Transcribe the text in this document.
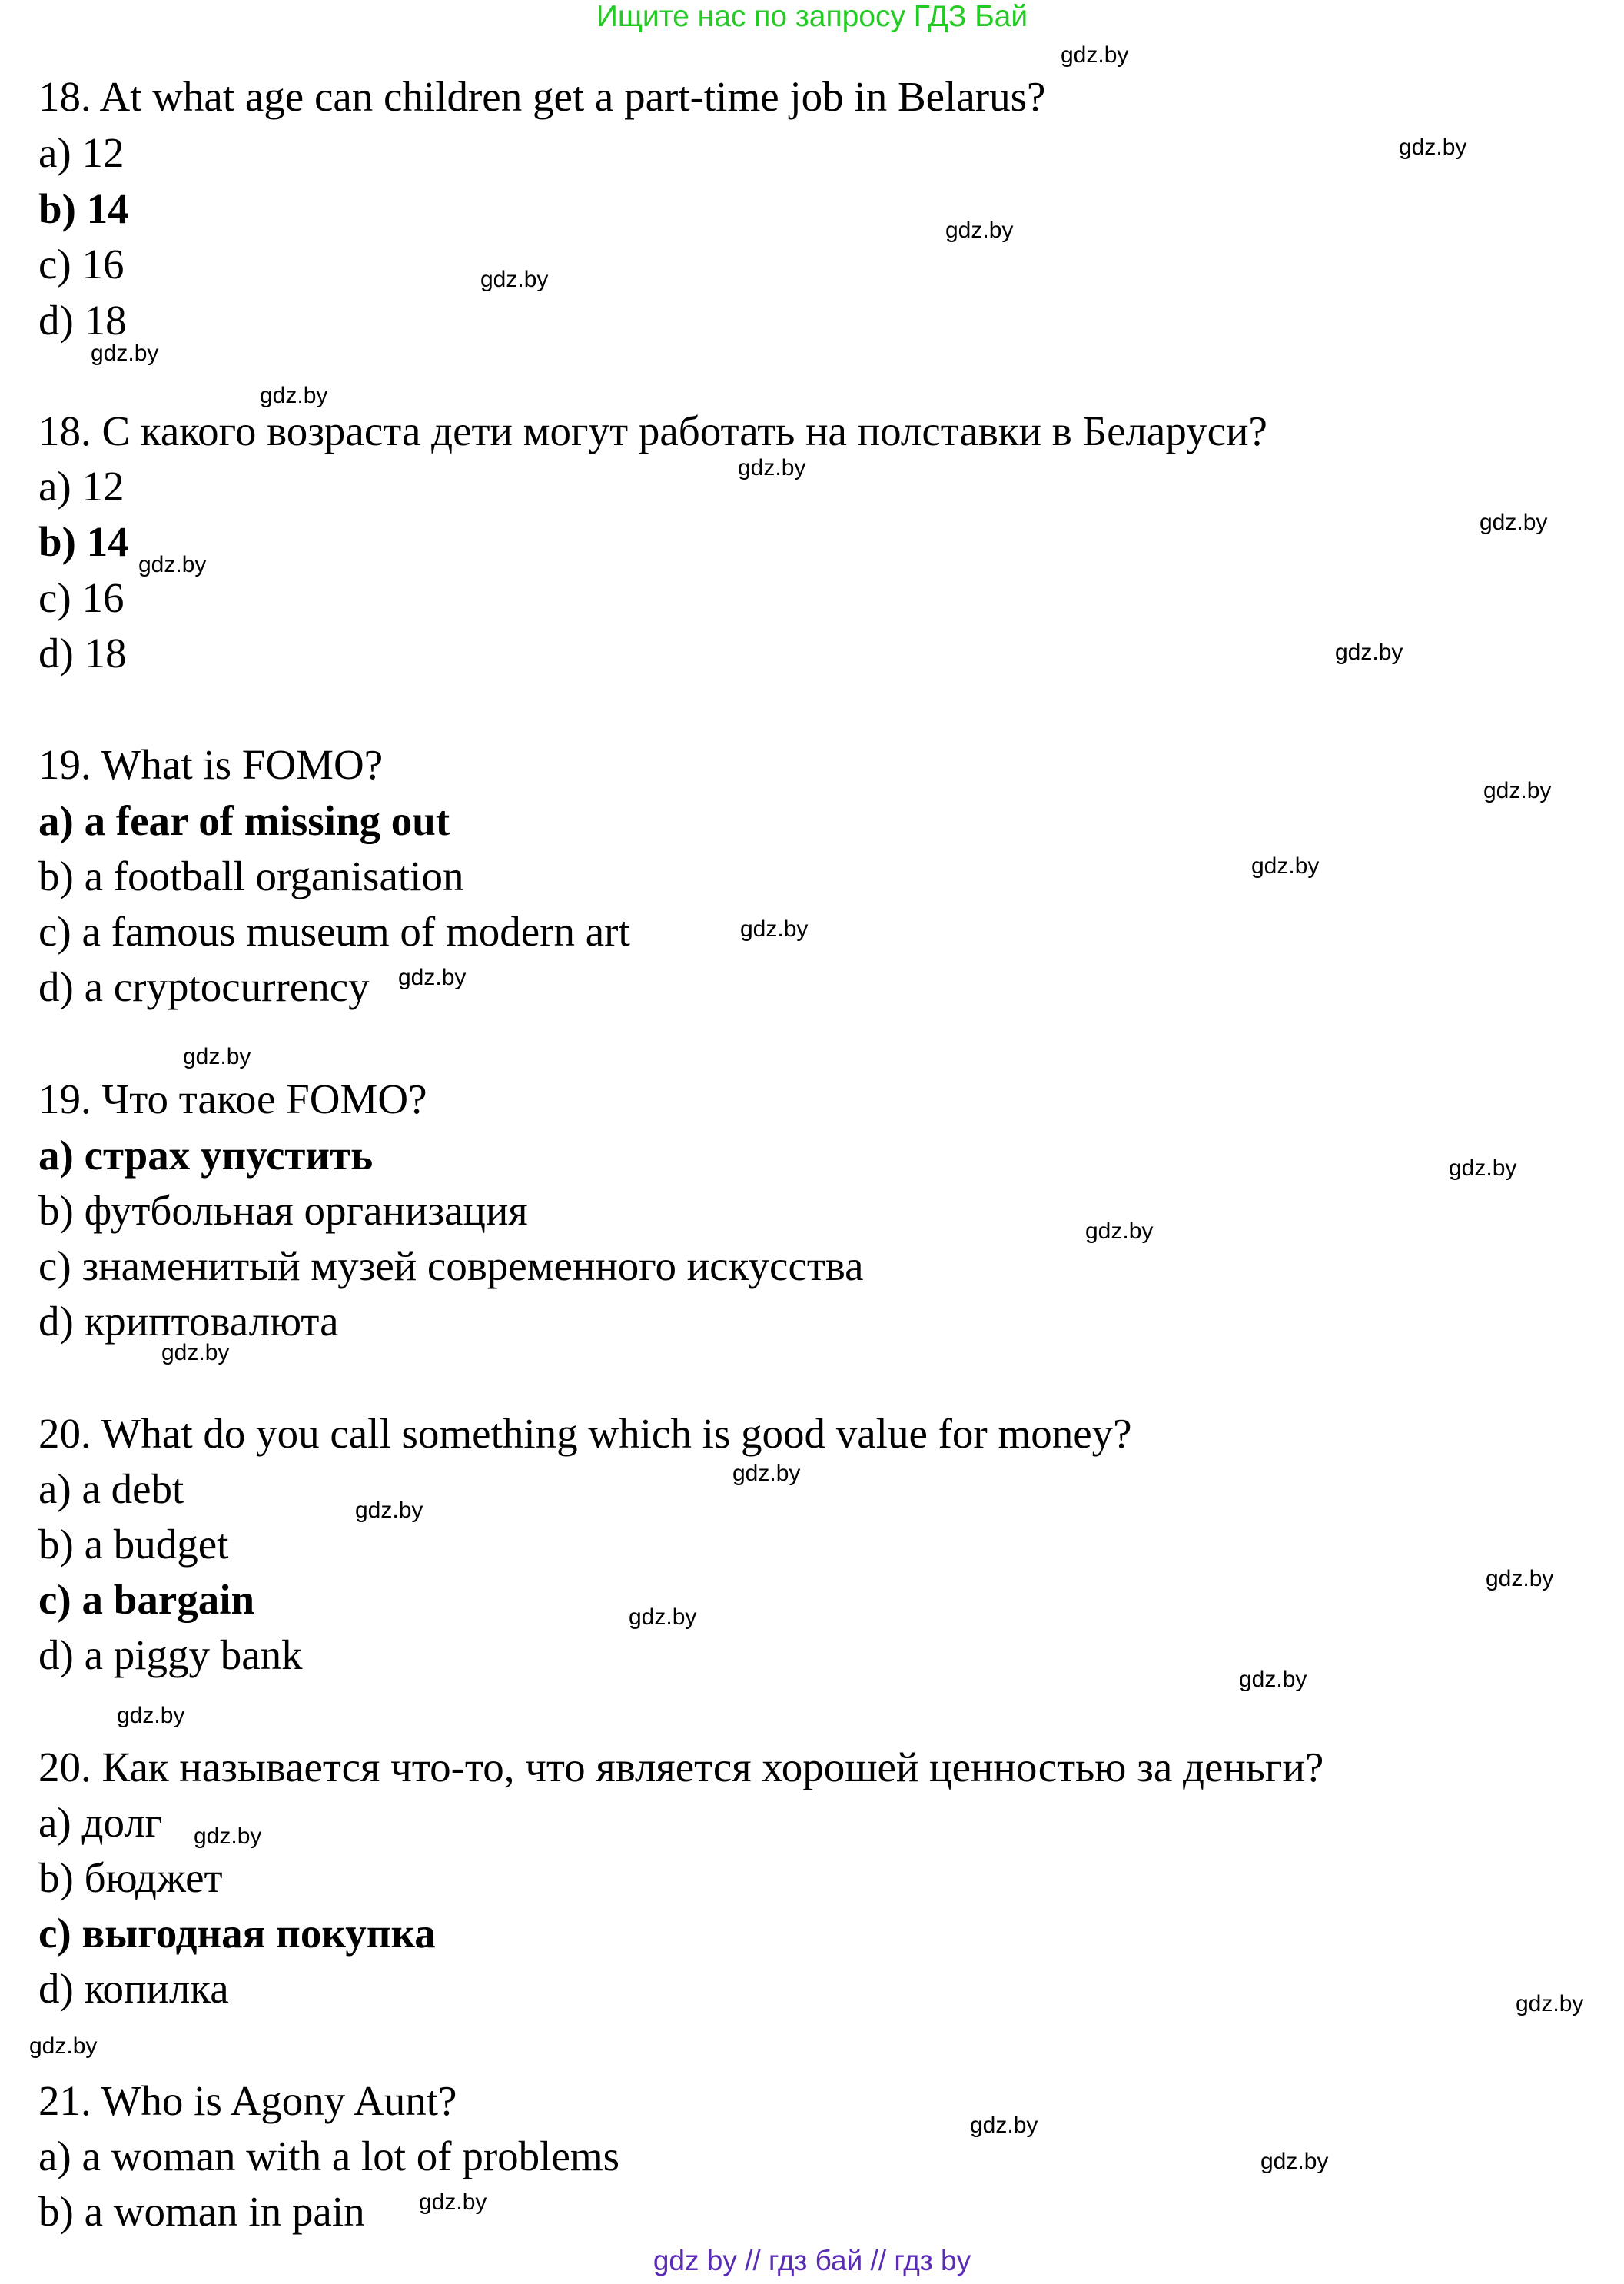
Ищите нас по запросу ГДЗ Бай
18. At what age can children get a part-time job in Belarus?
a) 12
b) 14
c) 16
d) 18
18. С какого возраста дети могут работать на полставки в Беларуси?
a) 12
b) 14
c) 16
d) 18
19. What is FOMO?
a) a fear of missing out
b) a football organisation
c) a famous museum of modern art
d) a cryptocurrency
19. Что такое FOMO?
a) страх упустить
b) футбольная организация
c) знаменитый музей современного искусства
d) криптовалюта
20. What do you call something which is good value for money?
a) a debt
b) a budget
c) a bargain
d) a piggy bank
20. Как называется что-то, что является хорошей ценностью за деньги?
a) долг
b) бюджет
c) выгодная покупка
d) копилка
21. Who is Agony Aunt?
a) a woman with a lot of problems
b) a woman in pain
gdz.by
gdz.by
gdz.by
gdz.by
gdz.by
gdz.by
gdz.by
gdz.by
gdz.by
gdz.by
gdz.by
gdz.by
gdz.by
gdz.by
gdz.by
gdz.by
gdz.by
gdz.by
gdz.by
gdz.by
gdz.by
gdz.by
gdz.by
gdz.by
gdz.by
gdz.by
gdz.by
gdz.by
gdz.by
gdz.by
gdz by // гдз бай // гдз by
